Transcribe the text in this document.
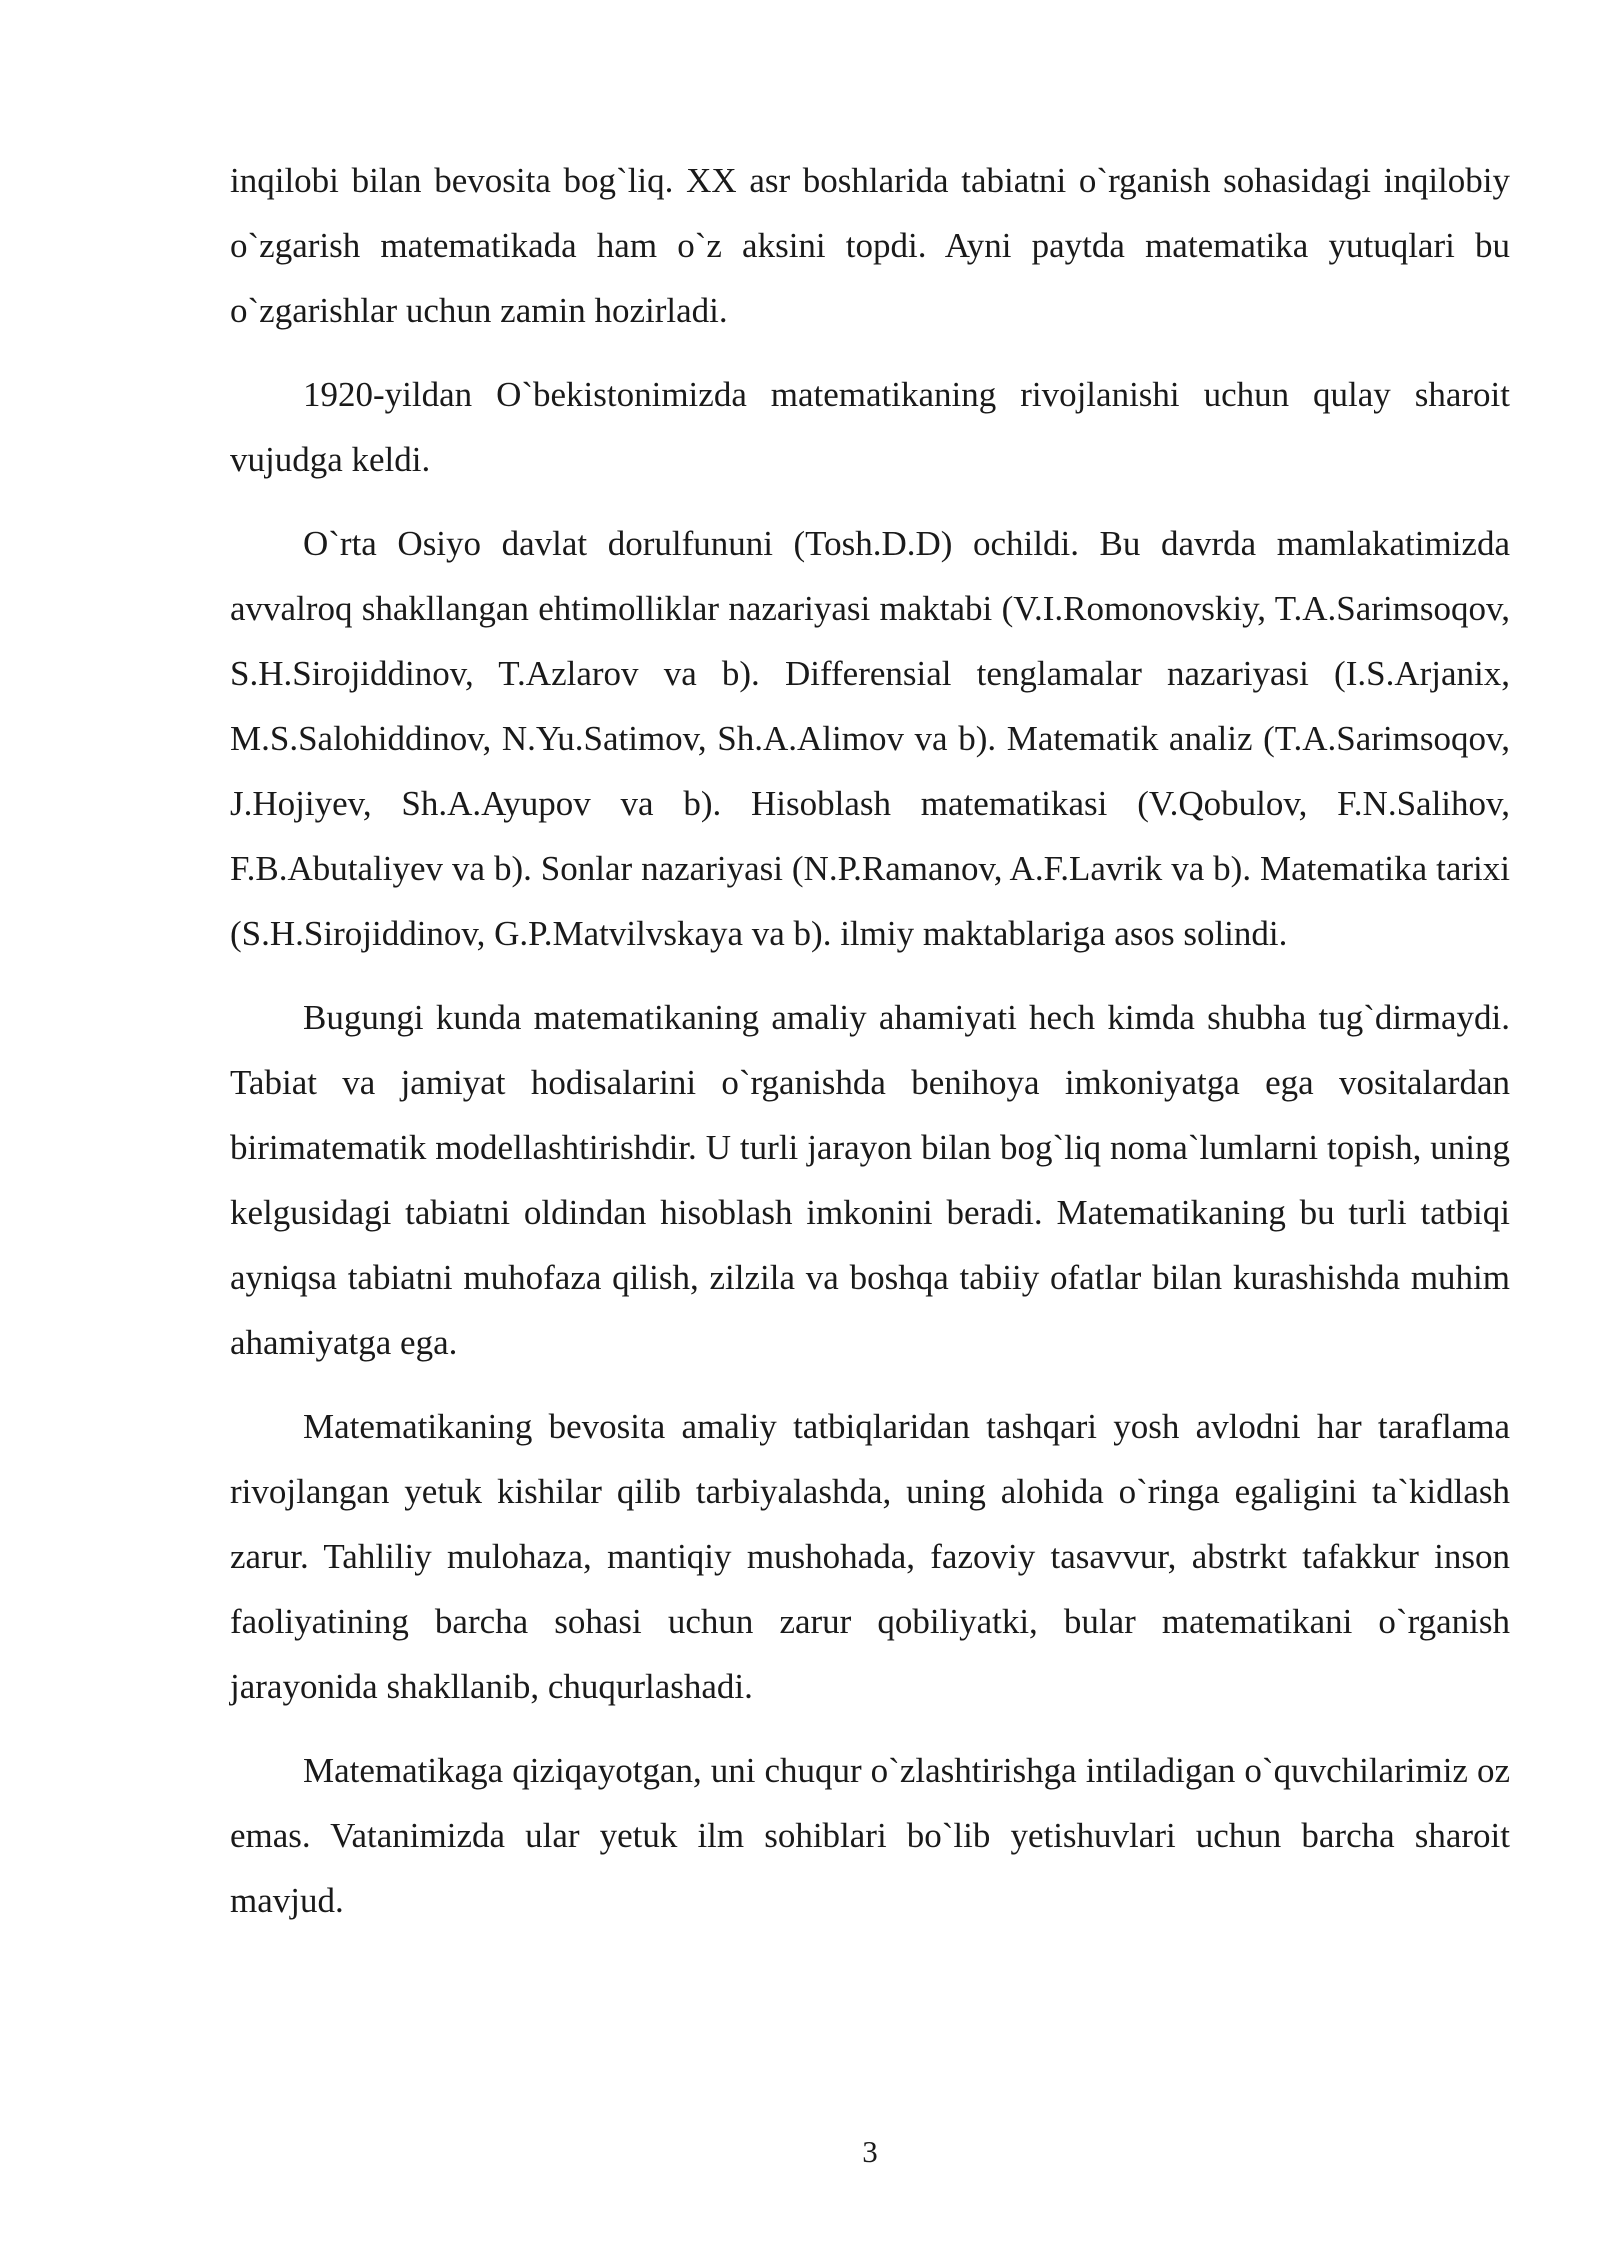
inqilobi bilan bevosita bog`liq. XX asr boshlarida tabiatni o`rganish sohasidagi inqilobiy o`zgarish matematikada ham o`z aksini topdi. Ayni paytda matematika yutuqlari bu o`zgarishlar uchun zamin hozirladi.

1920-yildan O`bekistonimizda matematikaning rivojlanishi uchun qulay sharoit vujudga keldi.

O`rta Osiyo davlat dorulfununi (Tosh.D.D) ochildi. Bu davrda mamlakatimizda avvalroq shakllangan ehtimolliklar nazariyasi maktabi (V.I.Romonovskiy, T.A.Sarimsoqov, S.H.Sirojiddinov, T.Azlarov va b). Differensial tenglamalar nazariyasi (I.S.Arjanix, M.S.Salohiddinov, N.Yu.Satimov, Sh.A.Alimov va b). Matematik analiz (T.A.Sarimsoqov, J.Hojiyev, Sh.A.Ayupov va b). Hisoblash matematikasi (V.Qobulov, F.N.Salihov, F.B.Abutaliyev va b). Sonlar nazariyasi (N.P.Ramanov, A.F.Lavrik va b). Matematika tarixi (S.H.Sirojiddinov, G.P.Matvilvskaya va b). ilmiy maktablariga asos solindi.

Bugungi kunda matematikaning amaliy ahamiyati hech kimda shubha tug`dirmaydi. Tabiat va jamiyat hodisalarini o`rganishda benihoya imkoniyatga ega vositalardan birimatematik modellashtirishdir. U turli jarayon bilan bog`liq noma`lumlarni topish, uning kelgusidagi tabiatni oldindan hisoblash imkonini beradi. Matematikaning bu turli tatbiqi ayniqsa tabiatni muhofaza qilish, zilzila va boshqa tabiiy ofatlar bilan kurashishda muhim ahamiyatga ega.

Matematikaning bevosita amaliy tatbiqlaridan tashqari yosh avlodni har taraflama rivojlangan yetuk kishilar qilib tarbiyalashda, uning alohida o`ringa egaligini ta`kidlash zarur. Tahliliy mulohaza, mantiqiy mushohada, fazoviy tasavvur, abstrkt tafakkur inson faoliyatining barcha sohasi uchun zarur qobiliyatki, bular matematikani o`rganish jarayonida shakllanib, chuqurlashadi.

Matematikaga qiziqayotgan, uni chuqur o`zlashtirishga intiladigan o`quvchilarimiz oz emas. Vatanimizda ular yetuk ilm sohiblari bo`lib yetishuvlari uchun barcha sharoit mavjud.

3
